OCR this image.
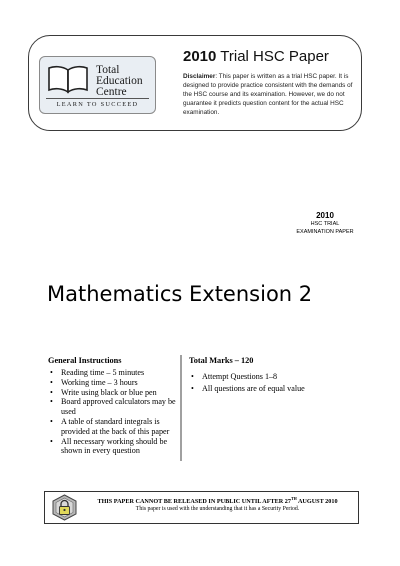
Total
Education
Centre
LEARN TO SUCCEED
2010 Trial HSC Paper
Disclaimer: This paper is written as a trial HSC paper. It is designed to provide practice consistent with the demands of the HSC course and its examination. However, we do not guarantee it predicts question content for the actual HSC examination.
2010
HSC TRIAL
EXAMINATION PAPER
Mathematics Extension 2
General Instructions
• Reading time – 5 minutes
• Working time – 3 hours
• Write using black or blue pen
• Board approved calculators may be used
• A table of standard integrals is provided at the back of this paper
• All necessary working should be shown in every question
Total Marks – 120
• Attempt Questions 1–8
• All questions are of equal value
THIS PAPER CANNOT BE RELEASED IN PUBLIC UNTIL AFTER 27TH AUGUST 2010
This paper is used with the understanding that it has a Security Period.
